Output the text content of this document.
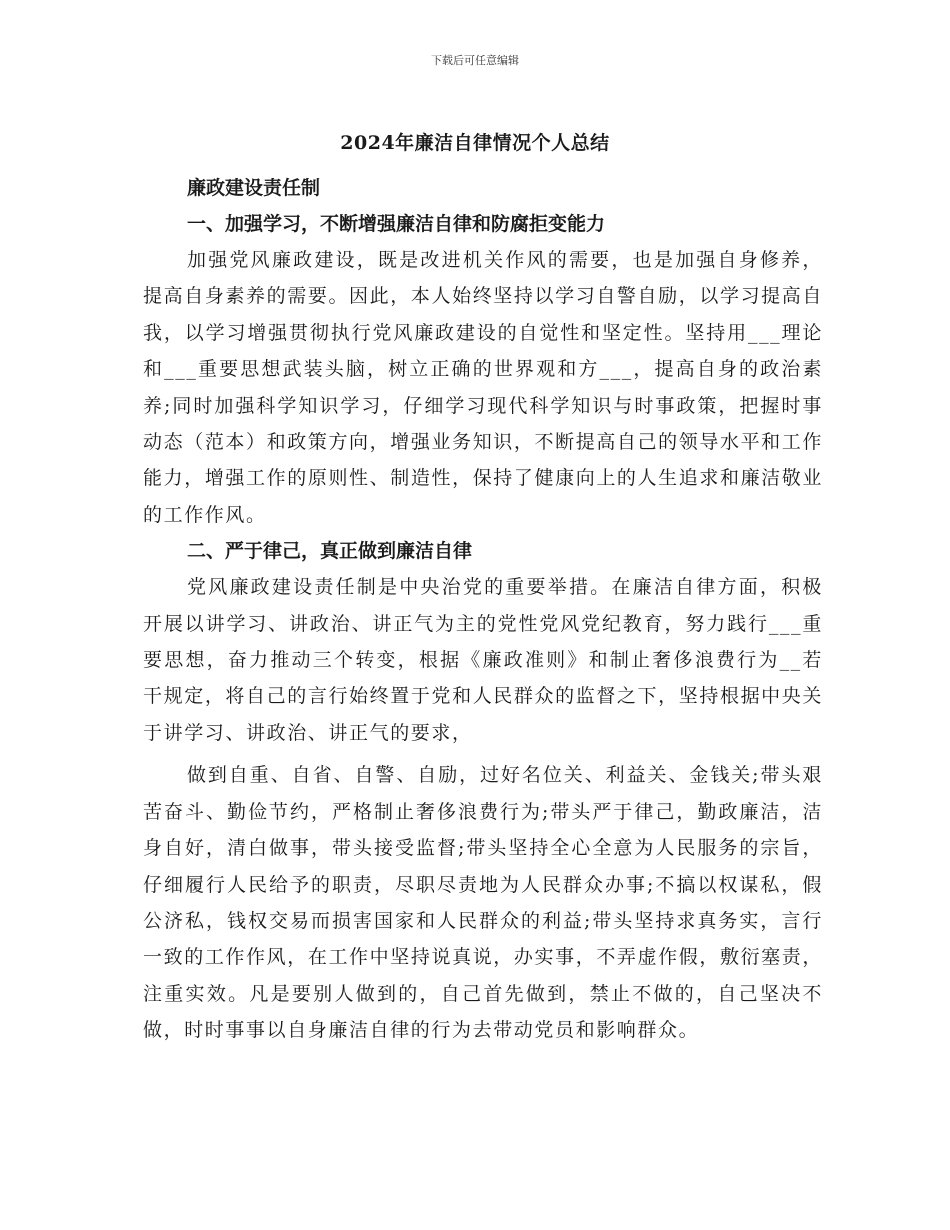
下载后可任意编辑
2024年廉洁自律情况个人总结

廉政建设责任制

一、加强学习，不断增强廉洁自律和防腐拒变能力

加强党风廉政建设，既是改进机关作风的需要，也是加强自身修养，提高自身素养的需要。因此，本人始终坚持以学习自警自励，以学习提高自我，以学习增强贯彻执行党风廉政建设的自觉性和坚定性。坚持用___理论和___重要思想武装头脑，树立正确的世界观和方___，提高自身的政治素养;同时加强科学知识学习，仔细学习现代科学知识与时事政策，把握时事动态（范本）和政策方向，增强业务知识，不断提高自己的领导水平和工作能力，增强工作的原则性、制造性，保持了健康向上的人生追求和廉洁敬业的工作作风。

二、严于律己，真正做到廉洁自律

党风廉政建设责任制是中央治党的重要举措。在廉洁自律方面，积极开展以讲学习、讲政治、讲正气为主的党性党风党纪教育，努力践行___重要思想，奋力推动三个转变，根据《廉政准则》和制止奢侈浪费行为__若干规定，将自己的言行始终置于党和人民群众的监督之下，坚持根据中央关于讲学习、讲政治、讲正气的要求，

做到自重、自省、自警、自励，过好名位关、利益关、金钱关;带头艰苦奋斗、勤俭节约，严格制止奢侈浪费行为;带头严于律己，勤政廉洁，洁身自好，清白做事，带头接受监督;带头坚持全心全意为人民服务的宗旨，仔细履行人民给予的职责，尽职尽责地为人民群众办事;不搞以权谋私，假公济私，钱权交易而损害国家和人民群众的利益;带头坚持求真务实，言行一致的工作作风，在工作中坚持说真说，办实事，不弄虚作假，敷衍塞责，注重实效。凡是要别人做到的，自己首先做到，禁止不做的，自己坚决不做，时时事事以自身廉洁自律的行为去带动党员和影响群众。
